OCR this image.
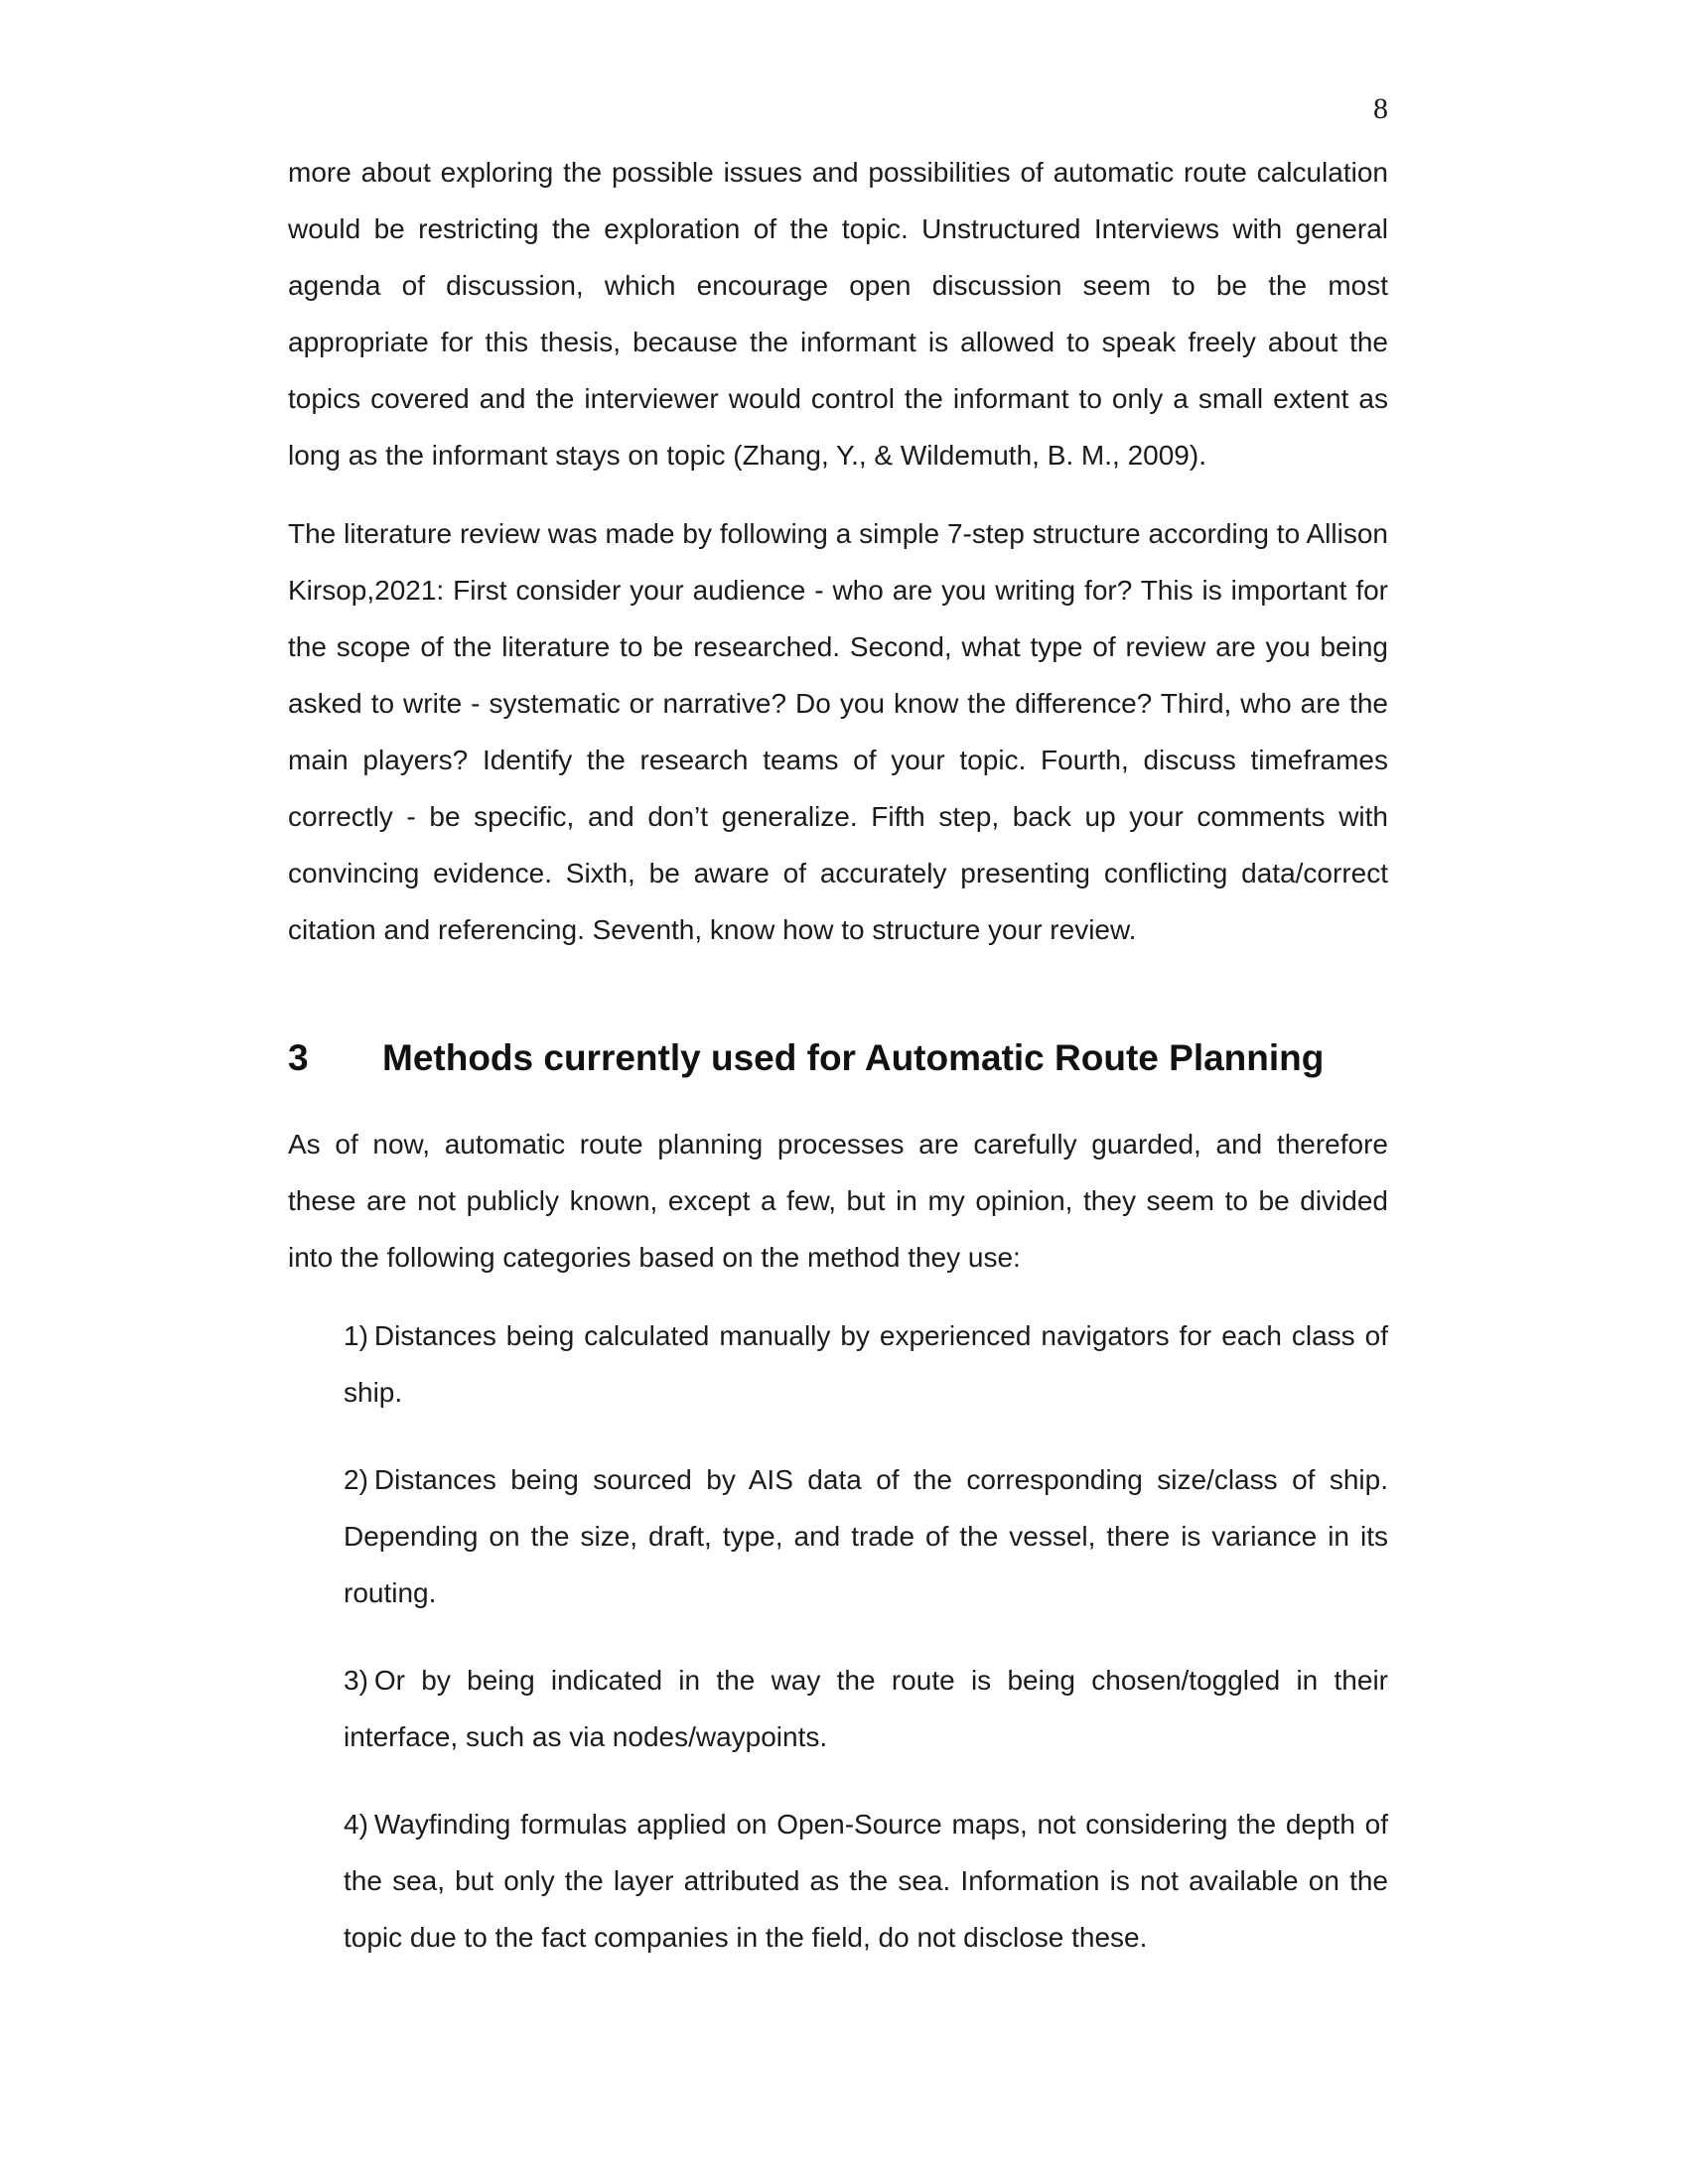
8

more about exploring the possible issues and possibilities of automatic route calculation would be restricting the exploration of the topic. Unstructured Interviews with general agenda of discussion, which encourage open discussion seem to be the most appropriate for this thesis, because the informant is allowed to speak freely about the topics covered and the interviewer would control the informant to only a small extent as long as the informant stays on topic (Zhang, Y., & Wildemuth, B. M., 2009).

The literature review was made by following a simple 7-step structure according to Allison Kirsop,2021: First consider your audience - who are you writing for? This is important for the scope of the literature to be researched. Second, what type of review are you being asked to write - systematic or narrative? Do you know the difference? Third, who are the main players? Identify the research teams of your topic. Fourth, discuss timeframes correctly - be specific, and don’t generalize. Fifth step, back up your comments with convincing evidence. Sixth, be aware of accurately presenting conflicting data/correct citation and referencing. Seventh, know how to structure your review.

3	Methods currently used for Automatic Route Planning

As of now, automatic route planning processes are carefully guarded, and therefore these are not publicly known, except a few, but in my opinion, they seem to be divided into the following categories based on the method they use:

1) Distances being calculated manually by experienced navigators for each class of ship.
2) Distances being sourced by AIS data of the corresponding size/class of ship. Depending on the size, draft, type, and trade of the vessel, there is variance in its routing.
3) Or by being indicated in the way the route is being chosen/toggled in their interface, such as via nodes/waypoints.
4) Wayfinding formulas applied on Open-Source maps, not considering the depth of the sea, but only the layer attributed as the sea. Information is not available on the topic due to the fact companies in the field, do not disclose these.
